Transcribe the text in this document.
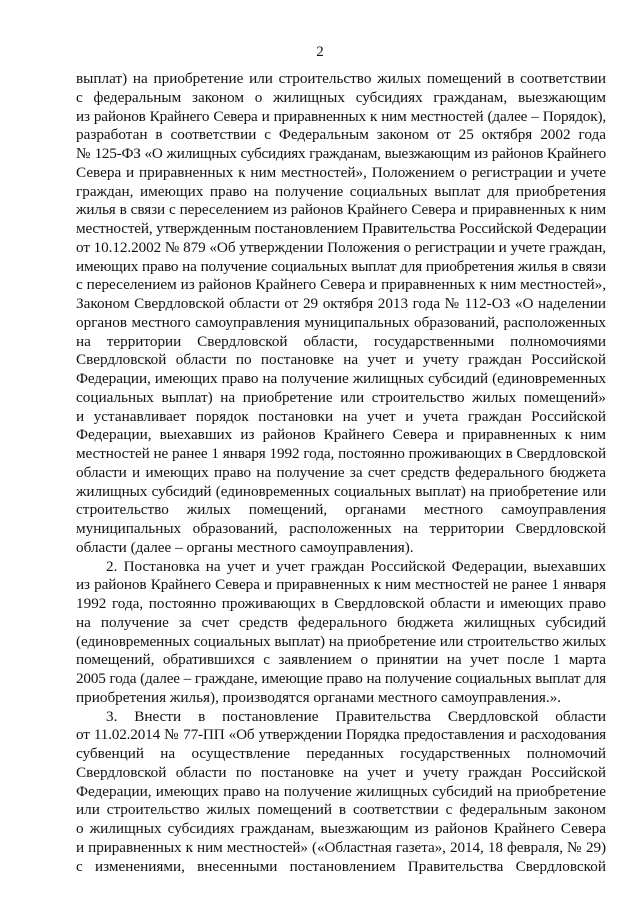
2
выплат) на приобретение или строительство жилых помещений в соответствии
с федеральным законом о жилищных субсидиях гражданам, выезжающим
из районов Крайнего Севера и приравненных к ним местностей (далее – Порядок),
разработан в соответствии с Федеральным законом от 25 октября 2002 года
№ 125-ФЗ «О жилищных субсидиях гражданам, выезжающим из районов Крайнего
Севера и приравненных к ним местностей», Положением о регистрации и учете
граждан, имеющих право на получение социальных выплат для приобретения
жилья в связи с переселением из районов Крайнего Севера и приравненных к ним
местностей, утвержденным постановлением Правительства Российской Федерации
от 10.12.2002 № 879 «Об утверждении Положения о регистрации и учете граждан,
имеющих право на получение социальных выплат для приобретения жилья в связи
с переселением из районов Крайнего Севера и приравненных к ним местностей»,
Законом Свердловской области от 29 октября 2013 года № 112-ОЗ «О наделении
органов местного самоуправления муниципальных образований, расположенных
на территории Свердловской области, государственными полномочиями
Свердловской области по постановке на учет и учету граждан Российской
Федерации, имеющих право на получение жилищных субсидий (единовременных
социальных выплат) на приобретение или строительство жилых помещений»
и устанавливает порядок постановки на учет и учета граждан Российской
Федерации, выехавших из районов Крайнего Севера и приравненных к ним
местностей не ранее 1 января 1992 года, постоянно проживающих в Свердловской
области и имеющих право на получение за счет средств федерального бюджета
жилищных субсидий (единовременных социальных выплат) на приобретение или
строительство жилых помещений, органами местного самоуправления
муниципальных образований, расположенных на территории Свердловской
области (далее – органы местного самоуправления).
2. Постановка на учет и учет граждан Российской Федерации, выехавших
из районов Крайнего Севера и приравненных к ним местностей не ранее 1 января
1992 года, постоянно проживающих в Свердловской области и имеющих право
на получение за счет средств федерального бюджета жилищных субсидий
(единовременных социальных выплат) на приобретение или строительство жилых
помещений, обратившихся с заявлением о принятии на учет после 1 марта
2005 года (далее – граждане, имеющие право на получение социальных выплат для
приобретения жилья), производятся органами местного самоуправления.».
3. Внести в постановление Правительства Свердловской области
от 11.02.2014 № 77-ПП «Об утверждении Порядка предоставления и расходования
субвенций на осуществление переданных государственных полномочий
Свердловской области по постановке на учет и учету граждан Российской
Федерации, имеющих право на получение жилищных субсидий на приобретение
или строительство жилых помещений в соответствии с федеральным законом
о жилищных субсидиях гражданам, выезжающим из районов Крайнего Севера
и приравненных к ним местностей» («Областная газета», 2014, 18 февраля, № 29)
с изменениями, внесенными постановлением Правительства Свердловской
